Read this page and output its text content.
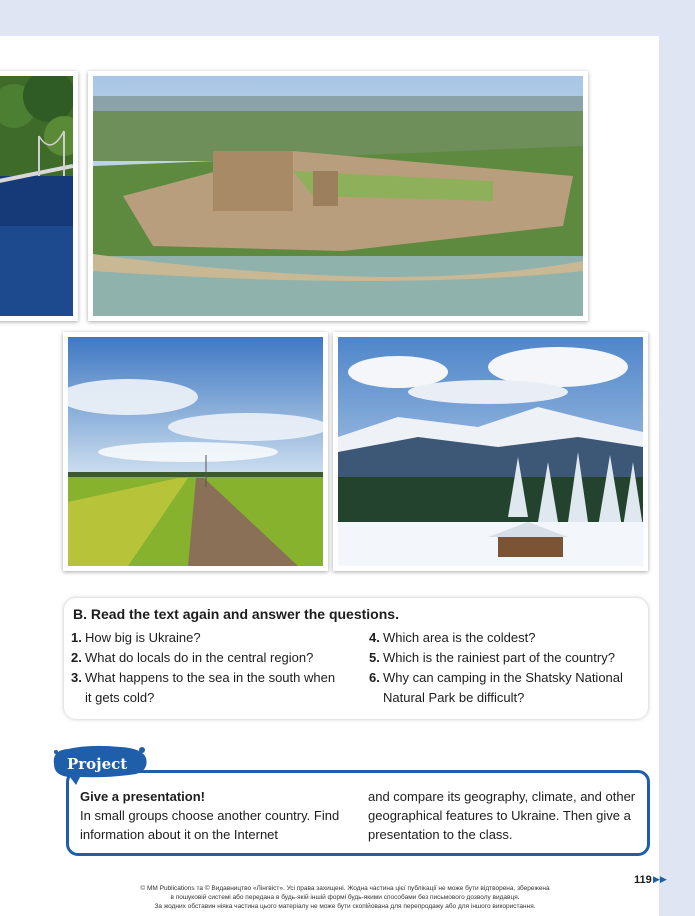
B. Read the text again and answer the questions.
1. How big is Ukraine?
2. What do locals do in the central region?
3. What happens to the sea in the south when it gets cold?
4. Which area is the coldest?
5. Which is the rainiest part of the country?
6. Why can camping in the Shatsky National Natural Park be difficult?
Project
Give a presentation!
In small groups choose another country. Find information about it on the Internet
and compare its geography, climate, and other geographical features to Ukraine. Then give a presentation to the class.
119 ▶▶
© MM Publications та © Видавництво «Лінгвіст». Усі права захищені. Жодна частина цієї публікації не може бути відтворена, збережена
в пошуковій системі або передана в будь-якій іншій формі будь-якими способами без письмового дозволу видавця.
За жодних обставин ніяка частина цього матеріалу не може бути скопійована для перепродажу або для іншого використання.
